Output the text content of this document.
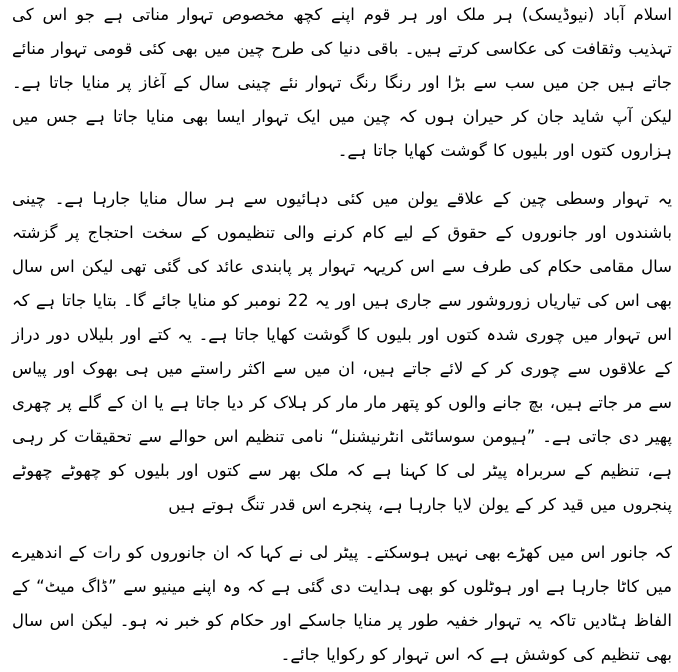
اسلام آباد (نیوڈیسک) ہر ملک اور ہر قوم اپنے کچھ مخصوص تہوار مناتی ہے جو اس کی تہذیب وثقافت کی عکاسی کرتے ہیں۔ باقی دنیا کی طرح چین میں بھی کئی قومی تہوار منائے جاتے ہیں جن میں سب سے بڑا اور رنگا رنگ تہوار نئے چینی سال کے آغاز پر منایا جاتا ہے۔ لیکن آپ شاید جان کر حیران ہوں کہ چین میں ایک تہوار ایسا بھی منایا جاتا ہے جس میں ہزاروں کتوں اور بلیوں کا گوشت کھایا جاتا ہے۔

یہ تہوار وسطی چین کے علاقے یولن میں کئی دہائیوں سے ہر سال منایا جارہا ہے۔ چینی باشندوں اور جانوروں کے حقوق کے لیے کام کرنے والی تنظیموں کے سخت احتجاج پر گزشتہ سال مقامی حکام کی طرف سے اس کریہہ تہوار پر پابندی عائد کی گئی تھی لیکن اس سال بھی اس کی تیاریاں زوروشور سے جاری ہیں اور یہ 22 نومبر کو منایا جائے گا۔ بتایا جاتا ہے کہ اس تہوار میں چوری شدہ کتوں اور بلیوں کا گوشت کھایا جاتا ہے۔ یہ کتے اور بلیلاں دور دراز کے علاقوں سے چوری کر کے لائے جاتے ہیں، ان میں سے اکثر راستے میں ہی بھوک اور پیاس سے مر جاتے ہیں، بچ جانے والوں کو پتھر مار مار کر ہلاک کر دیا جاتا ہے یا ان کے گلے پر چھری پھیر دی جاتی ہے۔ ”ہیومن سوسائٹی انٹرنیشنل“ نامی تنظیم اس حوالے سے تحقیقات کر رہی ہے، تنظیم کے سربراہ پیٹر لی کا کہنا ہے کہ ملک بھر سے کتوں اور بلیوں کو چھوٹے چھوٹے پنجروں میں قید کر کے یولن لایا جارہا ہے، پنجرے اس قدر تنگ ہوتے ہیں

کہ جانور اس میں کھڑے بھی نہیں ہوسکتے۔ پیٹر لی نے کہا کہ ان جانوروں کو رات کے اندھیرے میں کاٹا جارہا ہے اور ہوٹلوں کو بھی ہدایت دی گئی ہے کہ وہ اپنے مینیو سے ”ڈاگ میٹ“ کے الفاظ ہٹادیں تاکہ یہ تہوار خفیہ طور پر منایا جاسکے اور حکام کو خبر نہ ہو۔ لیکن اس سال بھی تنظیم کی کوشش ہے کہ اس تہوار کو رکوایا جائے۔
